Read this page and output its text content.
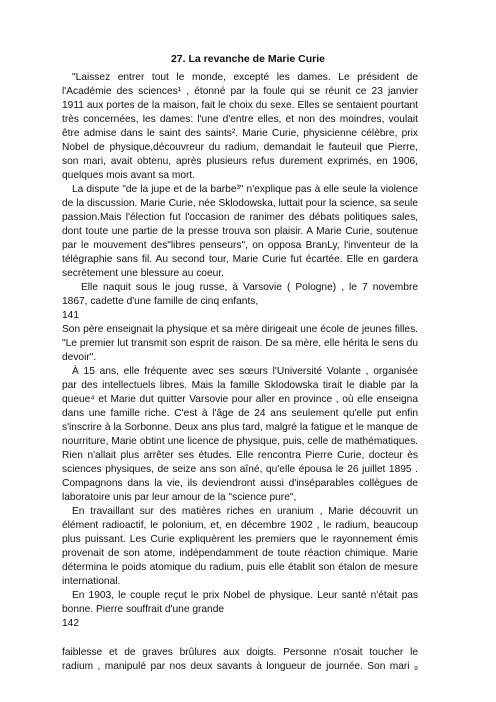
27. La revanche de Marie Curie
"Laissez entrer tout le monde, excepté les dames. Le président de
l'Académie des sciences¹ , étonné par la foule qui se réunit ce 23 janvier
1911 aux portes de la maison, fait le choix du sexe. Elles se sentaient pourtant
très concernées, les dames: l'une d'entre elles, et non des moindres, voulait
être admise dans le saint des saints². Marie Curie, physicienne célèbre, prix
Nobel de physique,découvreur du radium, demandait le fauteuil que Pierre,
son mari, avait obtenu, après plusieurs refus durement exprimés, en 1906,
quelques mois avant sa mort.
La dispute "de la jupe et de la barbe³" n'explique pas à elle seule la violence
de la discussion. Marie Curie, née Sklodowska, luttait pour la science, sa seule
passion.Mais l'élection fut l'occasion de ranimer des débats politiques sales,
dont toute une partie de la presse trouva son plaisir. A Marie Curie, soutenue
par le mouvement des"libres penseurs", on opposa BranLy, l'inventeur de la
télégraphie sans fil. Au second tour, Marie Curie fut écartée. Elle en gardera
secrètement une blessure au coeur.
Elle naquit sous le joug russe, à Varsovie ( Pologne) , le 7 novembre
1867, cadette d'une famille de cinq enfants,
141
Son père enseignait la physique et sa mère dirigeait une école de jeunes filles.
"Le premier lut transmit son esprit de raison. De sa mère, elle hérita le sens du
devoir".
À 15 ans, elle fréquente avec ses sœurs l'Université Volante , organisée
par des intellectuels libres. Mais la famille Sklodowska tirait le diable par la
queue⁴ et Marie dut quitter Varsovie pour aller en province , où elle enseigna
dans une famille riche. C'est à l'âge de 24 ans seulement qu'elle put enfin
s'inscrire à la Sorbonne. Deux ans plus tard, malgré la fatigue et le manque de
nourriture, Marie obtint une licence de physique, puis, celle de mathématiques.
Rien n'allait plus arrêter ses études. Elle rencontra Pierre Curie, docteur ès
sciences physiques, de seize ans son aîné, qu'elle épousa le 26 juillet 1895 .
Compagnons dans la vie, ils deviendront aussi d'inséparables collègues de
laboratoire unis par leur amour de la "science pure",
En travaillant sur des matières riches en uranium , Marie découvrit un
élément radioactif, le polonium, et, en décembre 1902 , le radium, beaucoup
plus puissant. Les Curie expliquèrent les premiers que le rayonnement émis
provenait de son atome, indépendamment de toute réaction chimique. Marie
détermina le poids atomique du radium, puis elle établit son étalon de mesure
international.
En 1903, le couple reçut le prix Nobel de physique. Leur santé n'était pas
bonne. Pierre souffrait d'une grande
142
faiblesse et de graves brûlures aux doigts. Personne n'osait toucher le
radium , manipulé par nos deux savants à longueur de journée. Son mari ₉
